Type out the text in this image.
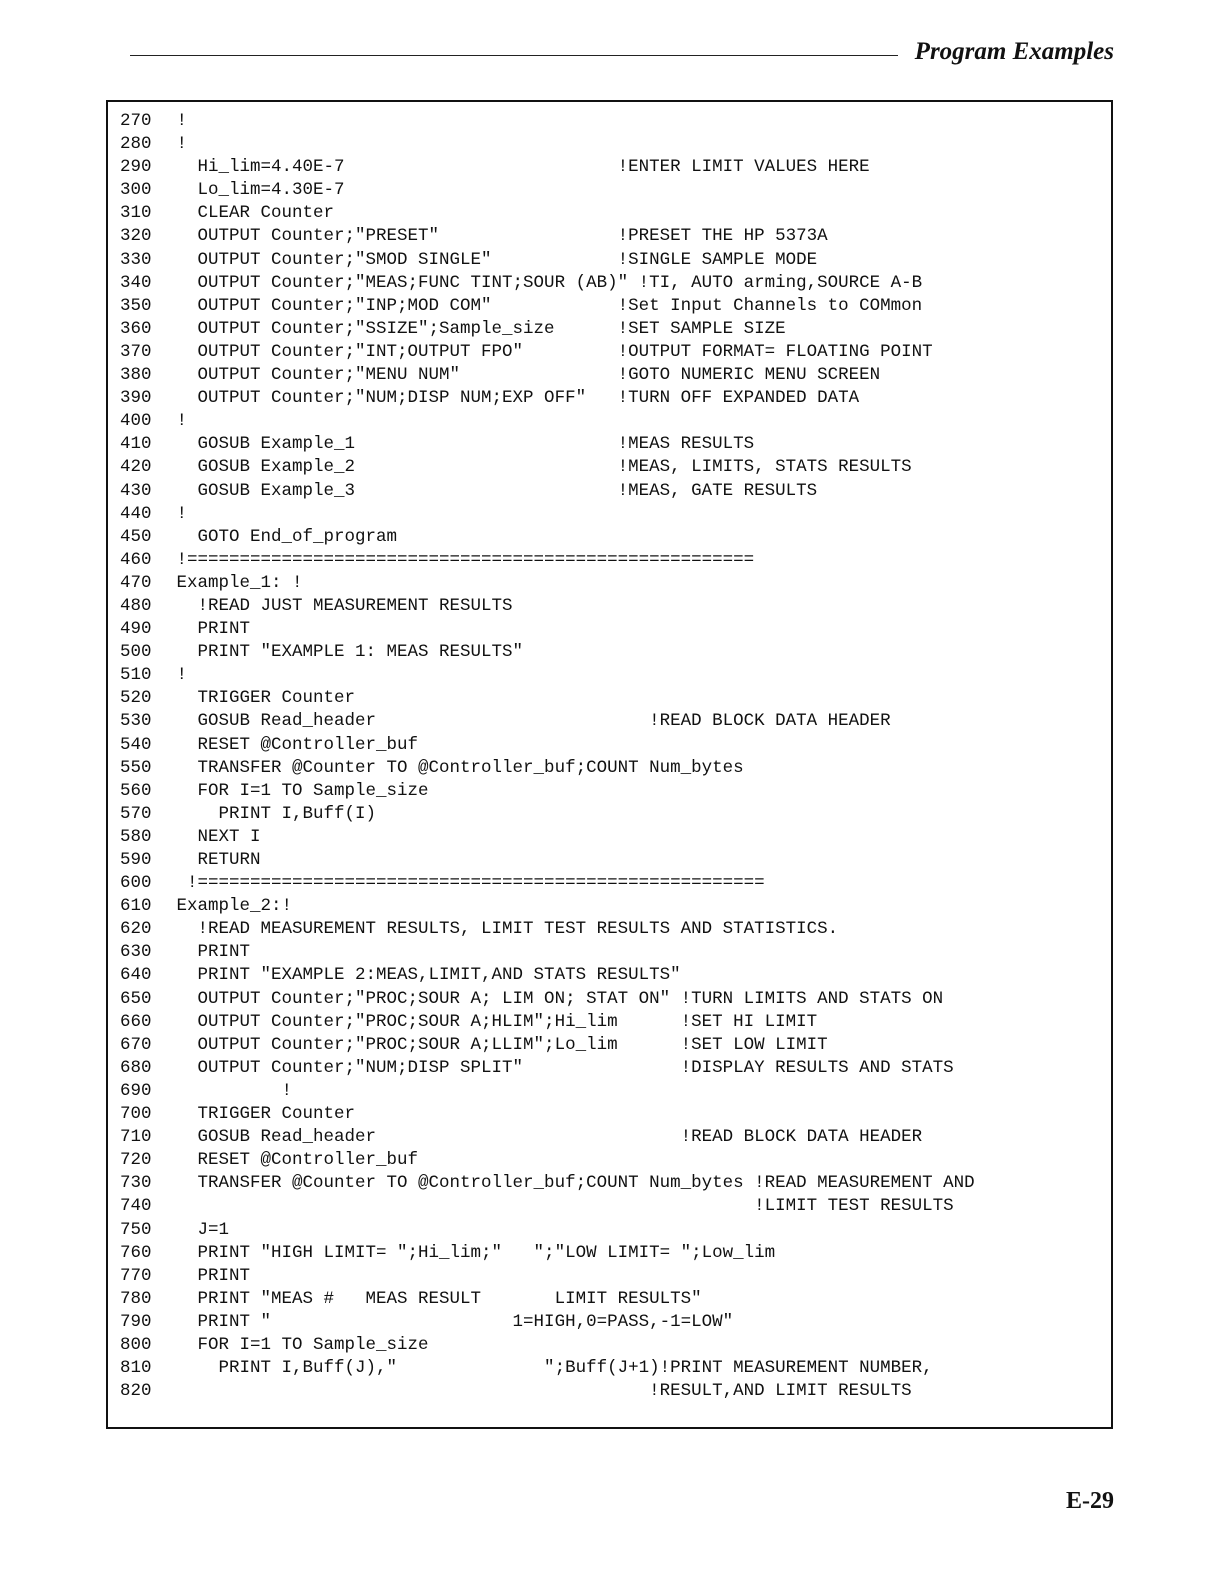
Program Examples
270 !
280 !
290 Hi_lim=4.40E-7                          !ENTER LIMIT VALUES HERE
300 Lo_lim=4.30E-7
310 CLEAR Counter
320 OUTPUT Counter;"PRESET"                 !PRESET THE HP 5373A
330 OUTPUT Counter;"SMOD SINGLE"            !SINGLE SAMPLE MODE
340 OUTPUT Counter;"MEAS;FUNC TINT;SOUR (AB)" !TI, AUTO arming,SOURCE A-B
350 OUTPUT Counter;"INP;MOD COM"            !Set Input Channels to COMmon
360 OUTPUT Counter;"SSIZE";Sample_size      !SET SAMPLE SIZE
370 OUTPUT Counter;"INT;OUTPUT FPO"         !OUTPUT FORMAT= FLOATING POINT
380 OUTPUT Counter;"MENU NUM"               !GOTO NUMERIC MENU SCREEN
390 OUTPUT Counter;"NUM;DISP NUM;EXP OFF"   !TURN OFF EXPANDED DATA
400 !
410 GOSUB Example_1                         !MEAS RESULTS
420 GOSUB Example_2                         !MEAS, LIMITS, STATS RESULTS
430 GOSUB Example_3                         !MEAS, GATE RESULTS
440 !
450 GOTO End_of_program
460 !======================================================
470 Example_1: !
480 !READ JUST MEASUREMENT RESULTS
490 PRINT
500 PRINT "EXAMPLE 1: MEAS RESULTS"
510 !
520 TRIGGER Counter
530 GOSUB Read_header                          !READ BLOCK DATA HEADER
540 RESET @Controller_buf
550 TRANSFER @Counter TO @Controller_buf;COUNT Num_bytes
560 FOR I=1 TO Sample_size
570 PRINT I,Buff(I)
580 NEXT I
590 RETURN
600 !======================================================
610 Example_2:!
620 !READ MEASUREMENT RESULTS, LIMIT TEST RESULTS AND STATISTICS.
630 PRINT
640 PRINT "EXAMPLE 2:MEAS,LIMIT,AND STATS RESULTS"
650 OUTPUT Counter;"PROC;SOUR A; LIM ON; STAT ON" !TURN LIMITS AND STATS ON
660 OUTPUT Counter;"PROC;SOUR A;HLIM";Hi_lim      !SET HI LIMIT
670 OUTPUT Counter;"PROC;SOUR A;LLIM";Lo_lim      !SET LOW LIMIT
680 OUTPUT Counter;"NUM;DISP SPLIT"               !DISPLAY RESULTS AND STATS
690 !
700 TRIGGER Counter
710 GOSUB Read_header                             !READ BLOCK DATA HEADER
720 RESET @Controller_buf
730 TRANSFER @Counter TO @Controller_buf;COUNT Num_bytes !READ MEASUREMENT AND
740 !LIMIT TEST RESULTS
750 J=1
760 PRINT "HIGH LIMIT= ";Hi_lim;"   ";"LOW LIMIT= ";Low_lim
770 PRINT
780 PRINT "MEAS #   MEAS RESULT       LIMIT RESULTS"
790 PRINT "                       1=HIGH,0=PASS,-1=LOW"
800 FOR I=1 TO Sample_size
810 PRINT I,Buff(J),"              ";Buff(J+1)!PRINT MEASUREMENT NUMBER,
820 !RESULT,AND LIMIT RESULTS
E-29
